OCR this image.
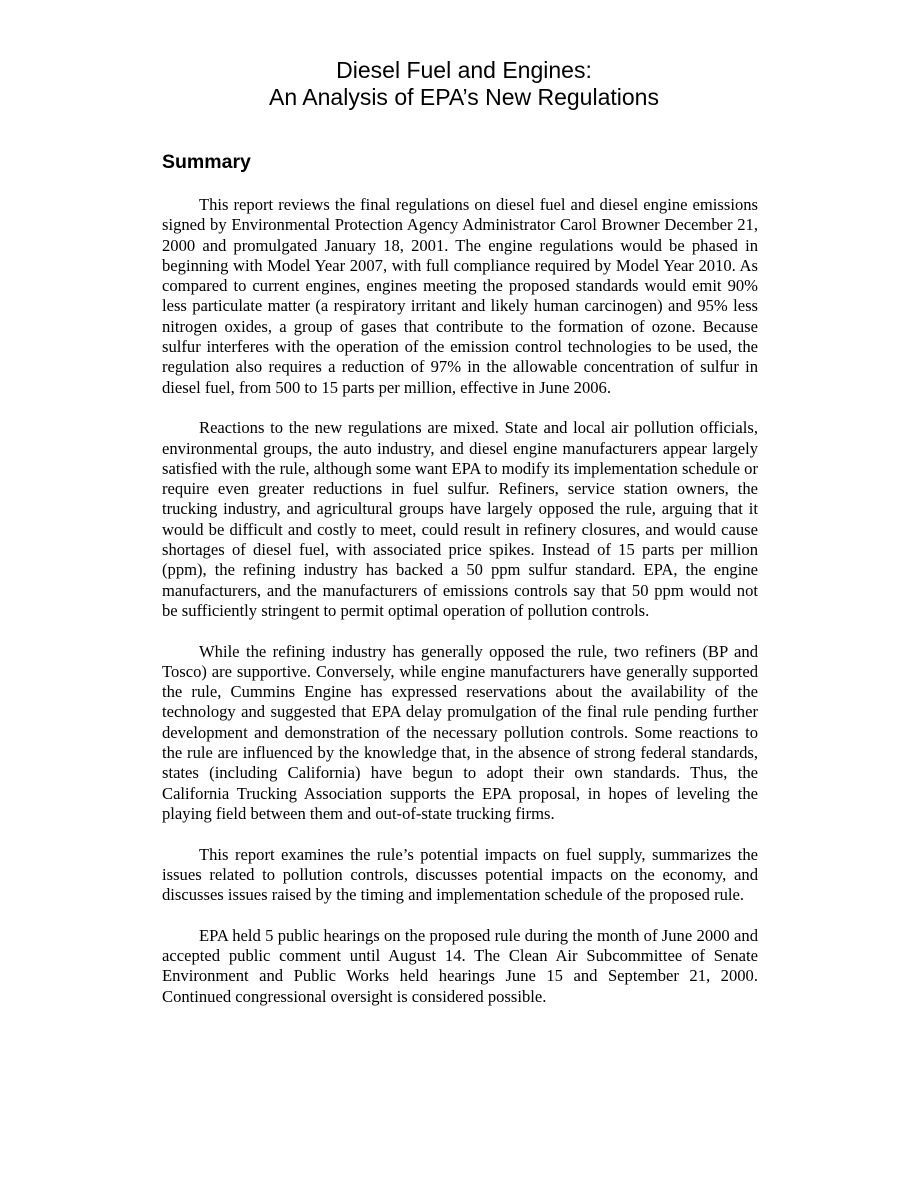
Diesel Fuel and Engines:
An Analysis of EPA’s New Regulations
Summary

This report reviews the final regulations on diesel fuel and diesel engine emissions signed by Environmental Protection Agency Administrator Carol Browner December 21, 2000 and promulgated January 18, 2001. The engine regulations would be phased in beginning with Model Year 2007, with full compliance required by Model Year 2010. As compared to current engines, engines meeting the proposed standards would emit 90% less particulate matter (a respiratory irritant and likely human carcinogen) and 95% less nitrogen oxides, a group of gases that contribute to the formation of ozone. Because sulfur interferes with the operation of the emission control technologies to be used, the regulation also requires a reduction of 97% in the allowable concentration of sulfur in diesel fuel, from 500 to 15 parts per million, effective in June 2006.

Reactions to the new regulations are mixed. State and local air pollution officials, environmental groups, the auto industry, and diesel engine manufacturers appear largely satisfied with the rule, although some want EPA to modify its implementation schedule or require even greater reductions in fuel sulfur. Refiners, service station owners, the trucking industry, and agricultural groups have largely opposed the rule, arguing that it would be difficult and costly to meet, could result in refinery closures, and would cause shortages of diesel fuel, with associated price spikes. Instead of 15 parts per million (ppm), the refining industry has backed a 50 ppm sulfur standard. EPA, the engine manufacturers, and the manufacturers of emissions controls say that 50 ppm would not be sufficiently stringent to permit optimal operation of pollution controls.

While the refining industry has generally opposed the rule, two refiners (BP and Tosco) are supportive. Conversely, while engine manufacturers have generally supported the rule, Cummins Engine has expressed reservations about the availability of the technology and suggested that EPA delay promulgation of the final rule pending further development and demonstration of the necessary pollution controls. Some reactions to the rule are influenced by the knowledge that, in the absence of strong federal standards, states (including California) have begun to adopt their own standards. Thus, the California Trucking Association supports the EPA proposal, in hopes of leveling the playing field between them and out-of-state trucking firms.

This report examines the rule’s potential impacts on fuel supply, summarizes the issues related to pollution controls, discusses potential impacts on the economy, and discusses issues raised by the timing and implementation schedule of the proposed rule.

EPA held 5 public hearings on the proposed rule during the month of June 2000 and accepted public comment until August 14. The Clean Air Subcommittee of Senate Environment and Public Works held hearings June 15 and September 21, 2000. Continued congressional oversight is considered possible.
